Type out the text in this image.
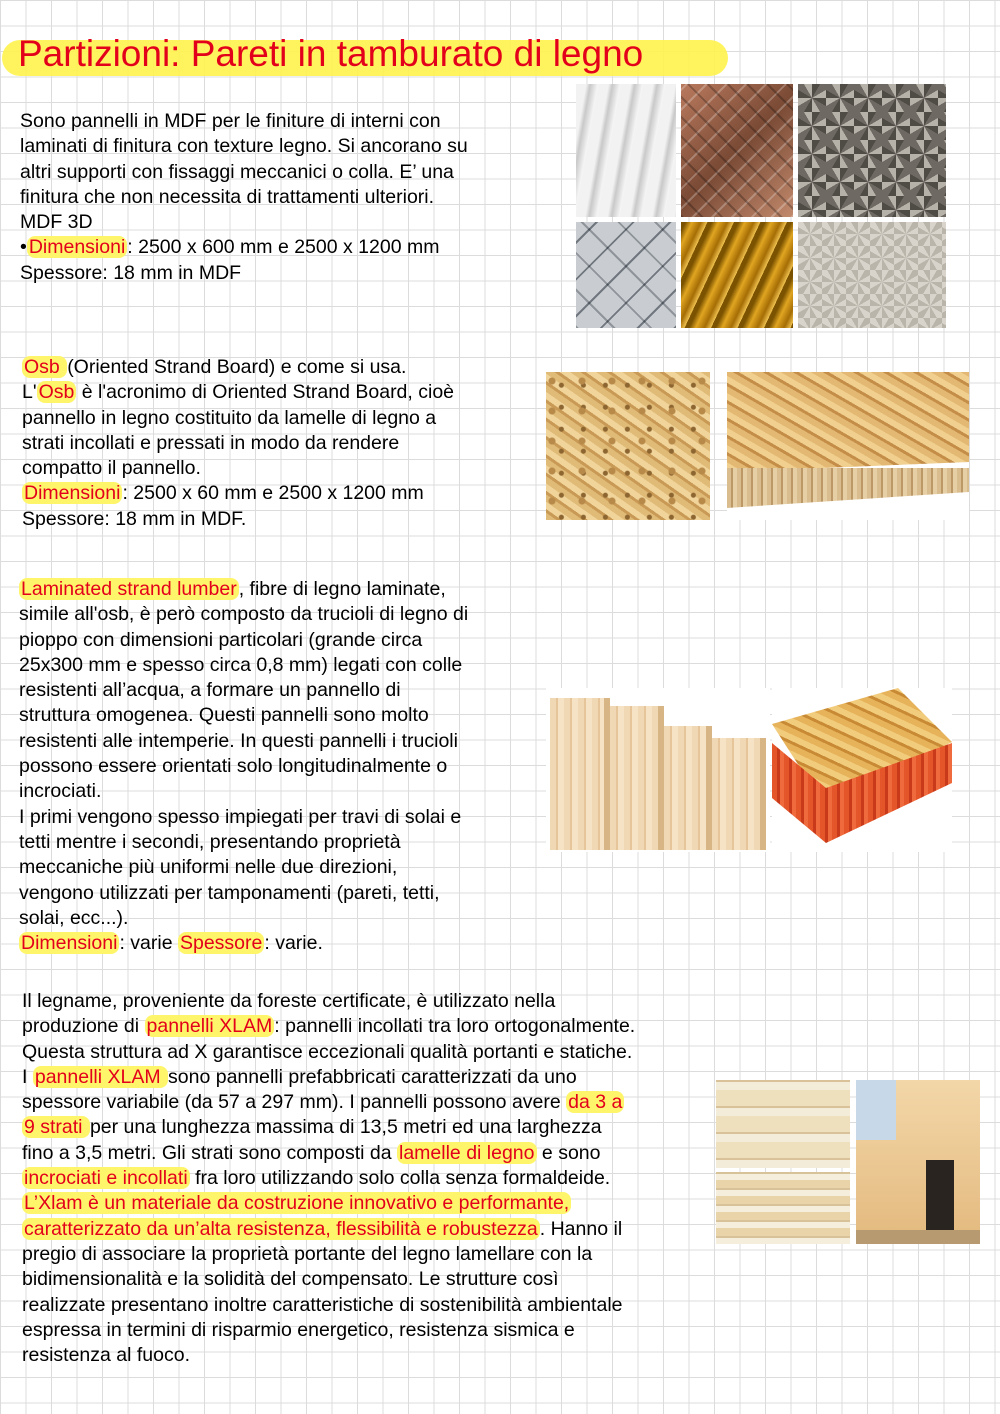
Partizioni: Pareti in tamburato di legno
Sono pannelli in MDF per le finiture di interni con
laminati di finitura con texture legno. Si ancorano su
altri supporti con fissaggi meccanici o colla. E’ una
finitura che non necessita di trattamenti ulteriori.
MDF 3D
• Dimensioni : 2500 x 600 mm e 2500 x 1200 mm
Spessore: 18 mm in MDF
Osb (Oriented Strand Board) e come si usa.
L' Osb è l'acronimo di Oriented Strand Board, cioè
pannello in legno costituito da lamelle di legno a
strati incollati e pressati in modo da rendere
compatto il pannello.
Dimensioni : 2500 x 60 mm e 2500 x 1200 mm
Spessore: 18 mm in MDF.
Laminated strand lumber , fibre di legno laminate,
simile all'osb, è però composto da trucioli di legno di
pioppo con dimensioni particolari (grande circa
25x300 mm e spesso circa 0,8 mm) legati con colle
resistenti all’acqua, a formare un pannello di
struttura omogenea. Questi pannelli sono molto
resistenti alle intemperie. In questi pannelli i trucioli
possono essere orientati solo longitudinalmente o
incrociati.
I primi vengono spesso impiegati per travi di solai e
tetti mentre i secondi, presentando proprietà
meccaniche più uniformi nelle due direzioni,
vengono utilizzati per tamponamenti (pareti, tetti,
solai, ecc...).
Dimensioni : varie Spessore : varie.
Il legname, proveniente da foreste certificate, è utilizzato nella
produzione di pannelli XLAM : pannelli incollati tra loro ortogonalmente.
Questa struttura ad X garantisce eccezionali qualità portanti e statiche.
I pannelli XLAM sono pannelli prefabbricati caratterizzati da uno
spessore variabile (da 57 a 297 mm). I pannelli possono avere da 3 a
9 strati per una lunghezza massima di 13,5 metri ed una larghezza
fino a 3,5 metri. Gli strati sono composti da lamelle di legno e sono
incrociati e incollati fra loro utilizzando solo colla senza formaldeide.
L’Xlam è un materiale da costruzione innovativo e performante,
caratterizzato da un’alta resistenza, flessibilità e robustezza . Hanno il
pregio di associare la proprietà portante del legno lamellare con la
bidimensionalità e la solidità del compensato. Le strutture così
realizzate presentano inoltre caratteristiche di sostenibilità ambientale
espressa in termini di risparmio energetico, resistenza sismica e
resistenza al fuoco.
